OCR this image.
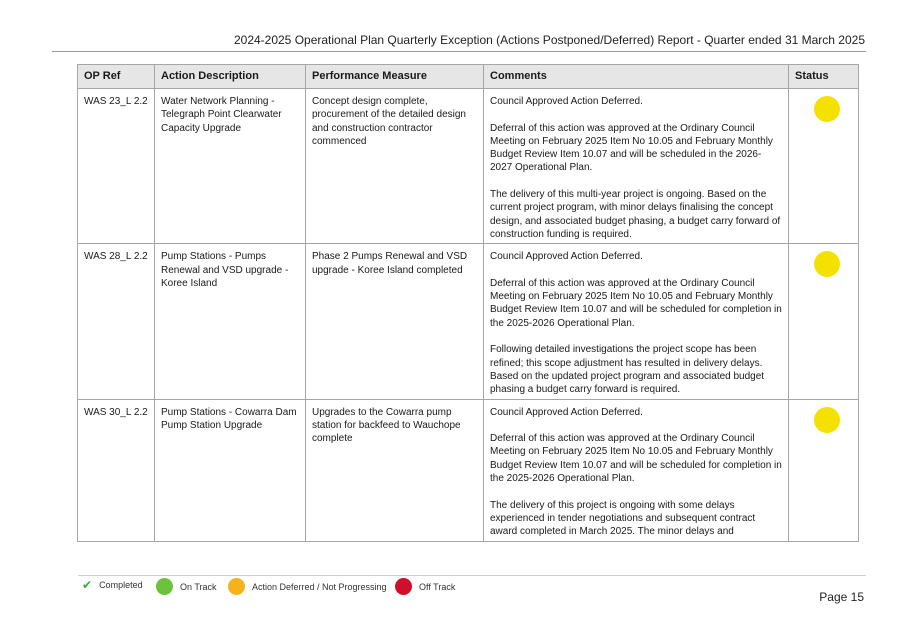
2024-2025 Operational Plan Quarterly Exception (Actions Postponed/Deferred) Report - Quarter ended 31 March 2025
OP Ref	Action Description	Performance Measure	Comments	Status
WAS 23_L 2.2	Water Network Planning - Telegraph Point Clearwater Capacity Upgrade	Concept design complete, procurement of the detailed design and construction contractor commenced	Council Approved Action Deferred.

Deferral of this action was approved at the Ordinary Council Meeting on February 2025 Item No 10.05 and February Monthly Budget Review Item 10.07 and will be scheduled in the 2026-2027 Operational Plan.

The delivery of this multi-year project is ongoing. Based on the current project program, with minor delays finalising the concept design, and associated budget phasing, a budget carry forward of construction funding is required.	

WAS 28_L 2.2	Pump Stations - Pumps Renewal and VSD upgrade - Koree Island	Phase 2 Pumps Renewal and VSD upgrade - Koree Island completed	Council Approved Action Deferred.

Deferral of this action was approved at the Ordinary Council Meeting on February 2025 Item No 10.05 and February Monthly Budget Review Item 10.07 and will be scheduled for completion in the 2025-2026 Operational Plan.

Following detailed investigations the project scope has been refined; this scope adjustment has resulted in delivery delays. Based on the updated project program and associated budget phasing a budget carry forward is required.	

WAS 30_L 2.2	Pump Stations - Cowarra Dam Pump Station Upgrade	Upgrades to the Cowarra pump station for backfeed to Wauchope complete	Council Approved Action Deferred.

Deferral of this action was approved at the Ordinary Council Meeting on February 2025 Item No 10.05 and February Monthly Budget Review Item 10.07 and will be scheduled for completion in the 2025-2026 Operational Plan.

The delivery of this project is ongoing with some delays experienced in tender negotiations and subsequent contract award completed in March 2025. The minor delays and	

✔ Completed	On Track	Action Deferred / Not Progressing	Off Track
Page 15
